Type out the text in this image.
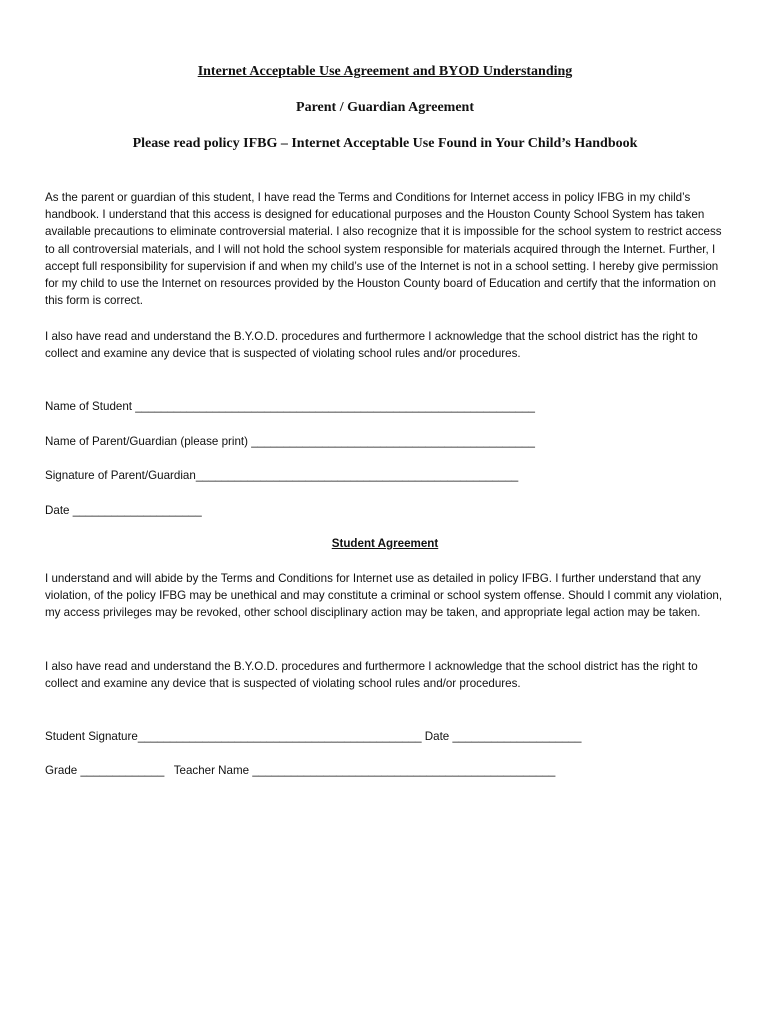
Internet Acceptable Use Agreement and BYOD Understanding
Parent / Guardian Agreement
Please read policy IFBG – Internet Acceptable Use Found in Your Child’s Handbook

As the parent or guardian of this student, I have read the Terms and Conditions for Internet access in policy IFBG in my child’s handbook. I understand that this access is designed for educational purposes and the Houston County School System has taken available precautions to eliminate controversial material. I also recognize that it is impossible for the school system to restrict access to all controversial materials, and I will not hold the school system responsible for materials acquired through the Internet. Further, I accept full responsibility for supervision if and when my child’s use of the Internet is not in a school setting. I hereby give permission for my child to use the Internet on resources provided by the Houston County board of Education and certify that the information on this form is correct.

I also have read and understand the B.Y.O.D. procedures and furthermore I acknowledge that the school district has the right to collect and examine any device that is suspected of violating school rules and/or procedures.

Name of Student ______________________________________________________________
Name of Parent/Guardian (please print) ____________________________________________
Signature of Parent/Guardian__________________________________________________
Date ____________________
Student Agreement

I understand and will abide by the Terms and Conditions for Internet use as detailed in policy IFBG. I further understand that any violation, of the policy IFBG may be unethical and may constitute a criminal or school system offense. Should I commit any violation, my access privileges may be revoked, other school disciplinary action may be taken, and appropriate legal action may be taken.

I also have read and understand the B.Y.O.D. procedures and furthermore I acknowledge that the school district has the right to collect and examine any device that is suspected of violating school rules and/or procedures.

Student Signature____________________________________________ Date ____________________
Grade _____________   Teacher Name _______________________________________________
